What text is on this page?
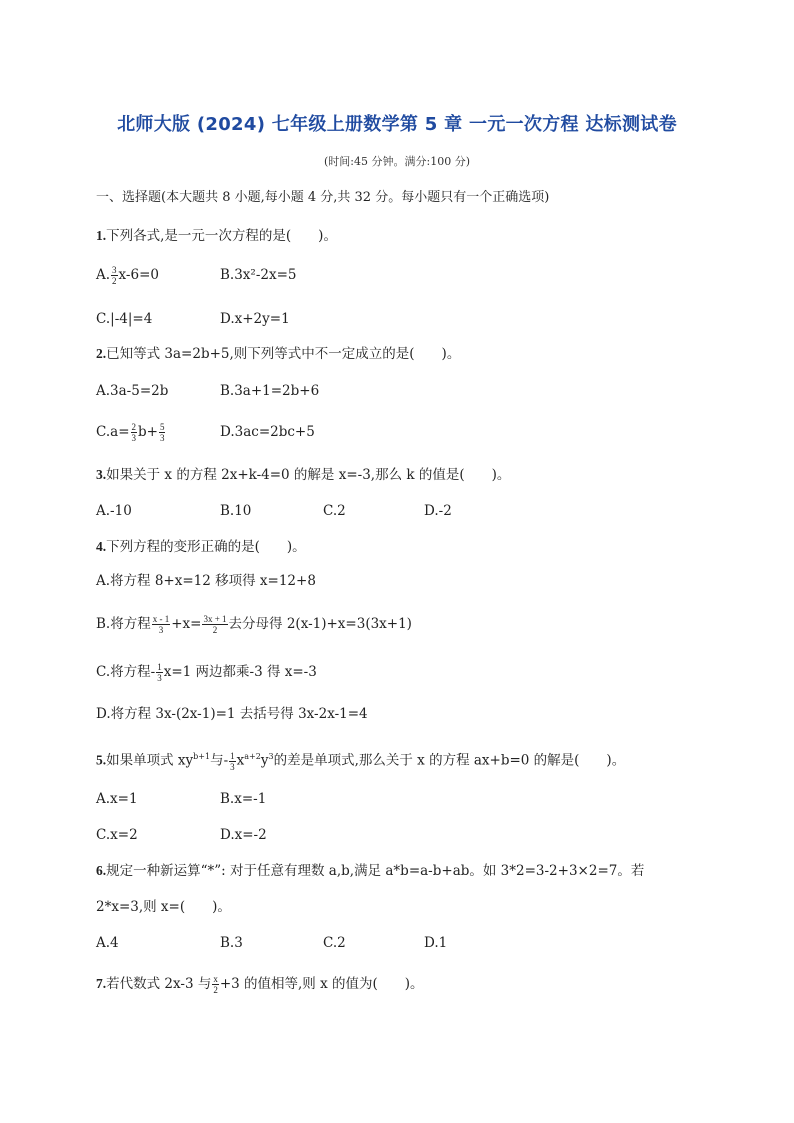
北师大版 (2024) 七年级上册数学第 5 章 一元一次方程 达标测试卷
(时间:45 分钟。满分:100 分)
一、选择题(本大题共 8 小题,每小题 4 分,共 32 分。每小题只有一个正确选项)
1.下列各式,是一元一次方程的是(　　)。
A. $\frac{3}{2} x-6=0$	B.3x²-2x=5
C.|-4|=4	D.x+2y=1
2.已知等式 3a=2b+5,则下列等式中不一定成立的是(　　)。
A.3a-5=2b	B.3a+1=2b+6
$C.a= \frac{2}{3} b+ \frac{5}{3}$	D.3ac=2bc+5
3.如果关于 x 的方程 2x+k-4=0 的解是 x=-3,那么 k 的值是(　　)。
A.-10	B.10	C.2	D.-2
4.下列方程的变形正确的是(　　)。
A.将方程 8+x=12 移项得 x=12+8
B.将方程 $\frac{x - 1}{3} +x= \frac{3x + 1}{2}$ 去分母得 2(x-1)+x=3(3x+1)
C.将方程- $\frac{1}{3} x=1$ 两边都乘-3 得 x=-3
D.将方程 3x-(2x-1)=1 去括号得 3x-2x-1=4
5.如果单项式 $xy^{b+1}$与- $\frac{1}{3} x^{a+2}y^3$的差是单项式,那么关于 x 的方程 ax+b=0 的解是(　　)。
A.x=1	B.x=-1
C.x=2	D.x=-2
6.规定一种新运算“*”: 对于任意有理数 a,b,满足 a*b=a-b+ab。如 3*2=3-2+3×2=7。若
2*x=3,则 x=(　　)。
A.4	B.3	C.2	D.1
7.若代数式 2x-3 与 $\frac{x}{2} +3$ 的值相等,则 x 的值为(　　)。
